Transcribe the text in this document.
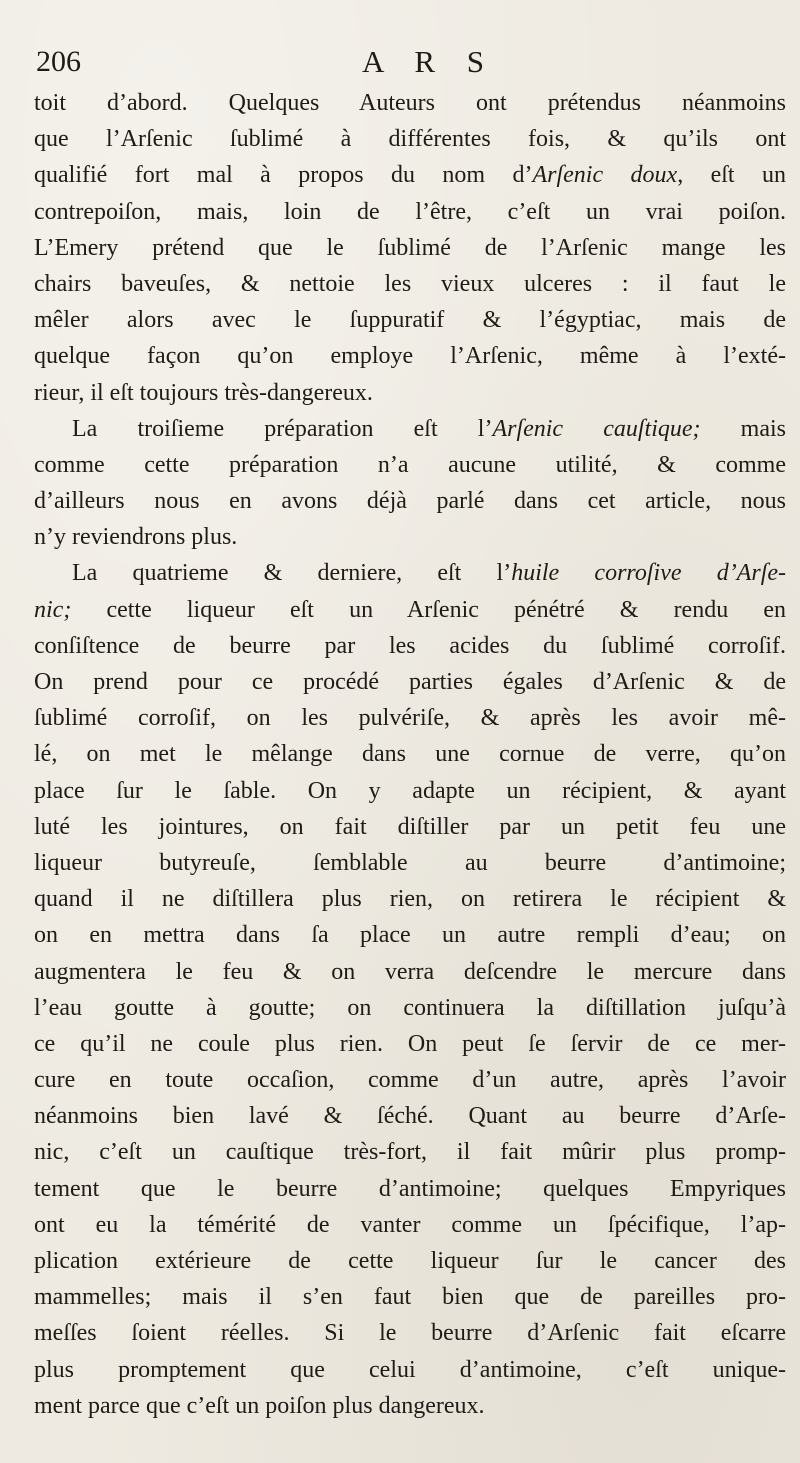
206	A R S
toit d’abord. Quelques Auteurs ont prétendus néanmoins
que l’Arſenic ſublimé à différentes fois, & qu’ils ont
qualifié fort mal à propos du nom d’Arſenic doux, eſt un
contrepoiſon, mais, loin de l’être, c’eſt un vrai poiſon.
L’Emery prétend que le ſublimé de l’Arſenic mange les
chairs baveuſes, & nettoie les vieux ulceres : il faut le
mêler alors avec le ſuppuratif & l’égyptiac, mais de
quelque façon qu’on employe l’Arſenic, même à l’exté-
rieur, il eſt toujours très-dangereux.
La troiſieme préparation eſt l’Arſenic cauſtique; mais
comme cette préparation n’a aucune utilité, & comme
d’ailleurs nous en avons déjà parlé dans cet article, nous
n’y reviendrons plus.
La quatrieme & derniere, eſt l’huile corroſive d’Arſe-
nic; cette liqueur eſt un Arſenic pénétré & rendu en
conſiſtence de beurre par les acides du ſublimé corroſif.
On prend pour ce procédé parties égales d’Arſenic & de
ſublimé corroſif, on les pulvériſe, & après les avoir mê-
lé, on met le mêlange dans une cornue de verre, qu’on
place ſur le ſable. On y adapte un récipient, & ayant
luté les jointures, on fait diſtiller par un petit feu une
liqueur butyreuſe, ſemblable au beurre d’antimoine;
quand il ne diſtillera plus rien, on retirera le récipient &
on en mettra dans ſa place un autre rempli d’eau; on
augmentera le feu & on verra deſcendre le mercure dans
l’eau goutte à goutte; on continuera la diſtillation juſqu’à
ce qu’il ne coule plus rien. On peut ſe ſervir de ce mer-
cure en toute occaſion, comme d’un autre, après l’avoir
néanmoins bien lavé & ſéché. Quant au beurre d’Arſe-
nic, c’eſt un cauſtique très-fort, il fait mûrir plus promp-
tement que le beurre d’antimoine; quelques Empyriques
ont eu la témérité de vanter comme un ſpécifique, l’ap-
plication extérieure de cette liqueur ſur le cancer des
mammelles; mais il s’en faut bien que de pareilles pro-
meſſes ſoient réelles. Si le beurre d’Arſenic fait eſcarre
plus promptement que celui d’antimoine, c’eſt unique-
ment parce que c’eſt un poiſon plus dangereux.
